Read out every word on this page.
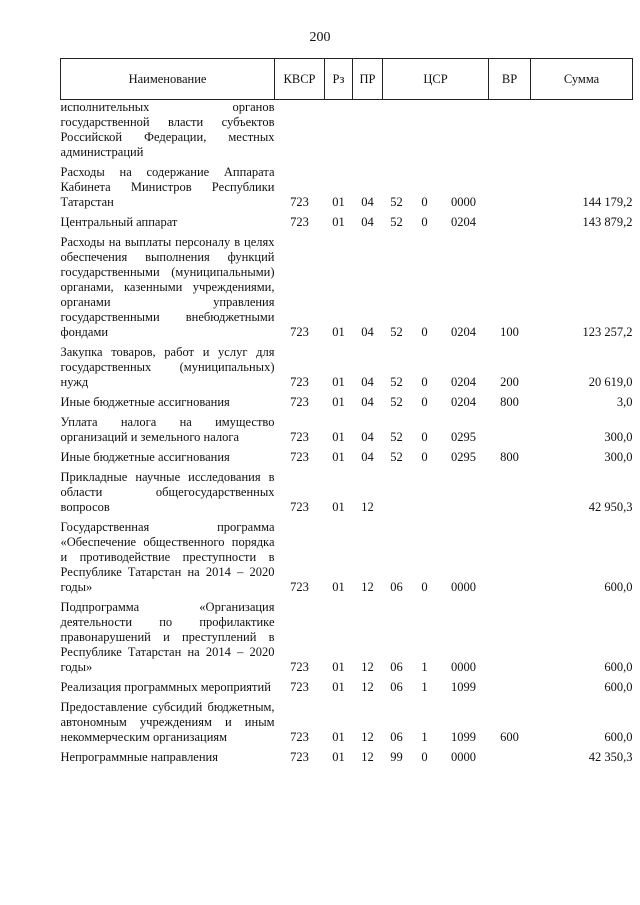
200
Наименование	КВСР	Рз	ПР	ЦСР			ВР	Сумма
исполнительных органов государственной власти субъектов Российской Федерации, местных администраций								
Расходы на содержание Аппарата Кабинета Министров Республики Татарстан	723	01	04	52	0	0000		144 179,2
Центральный аппарат	723	01	04	52	0	0204		143 879,2
Расходы на выплаты персоналу в целях обеспечения выполнения функций государственными (муниципальными) органами, казенными учреждениями, органами управления государственными внебюджетными фондами	723	01	04	52	0	0204	100	123 257,2
Закупка товаров, работ и услуг для государственных (муниципальных) нужд	723	01	04	52	0	0204	200	20 619,0
Иные бюджетные ассигнования	723	01	04	52	0	0204	800	3,0
Уплата налога на имущество организаций и земельного налога	723	01	04	52	0	0295		300,0
Иные бюджетные ассигнования	723	01	04	52	0	0295	800	300,0
Прикладные научные исследования в области общегосударственных вопросов	723	01	12					42 950,3
Государственная программа «Обеспечение общественного порядка и противодействие преступности в Республике Татарстан на 2014 – 2020 годы»	723	01	12	06	0	0000		600,0
Подпрограмма «Организация деятельности по профилактике правонарушений и преступлений в Республике Татарстан на 2014 – 2020 годы»	723	01	12	06	1	0000		600,0
Реализация программных мероприятий	723	01	12	06	1	1099		600,0
Предоставление субсидий бюджетным, автономным учреждениям и иным некоммерческим организациям	723	01	12	06	1	1099	600	600,0
Непрограммные направления	723	01	12	99	0	0000		42 350,3
